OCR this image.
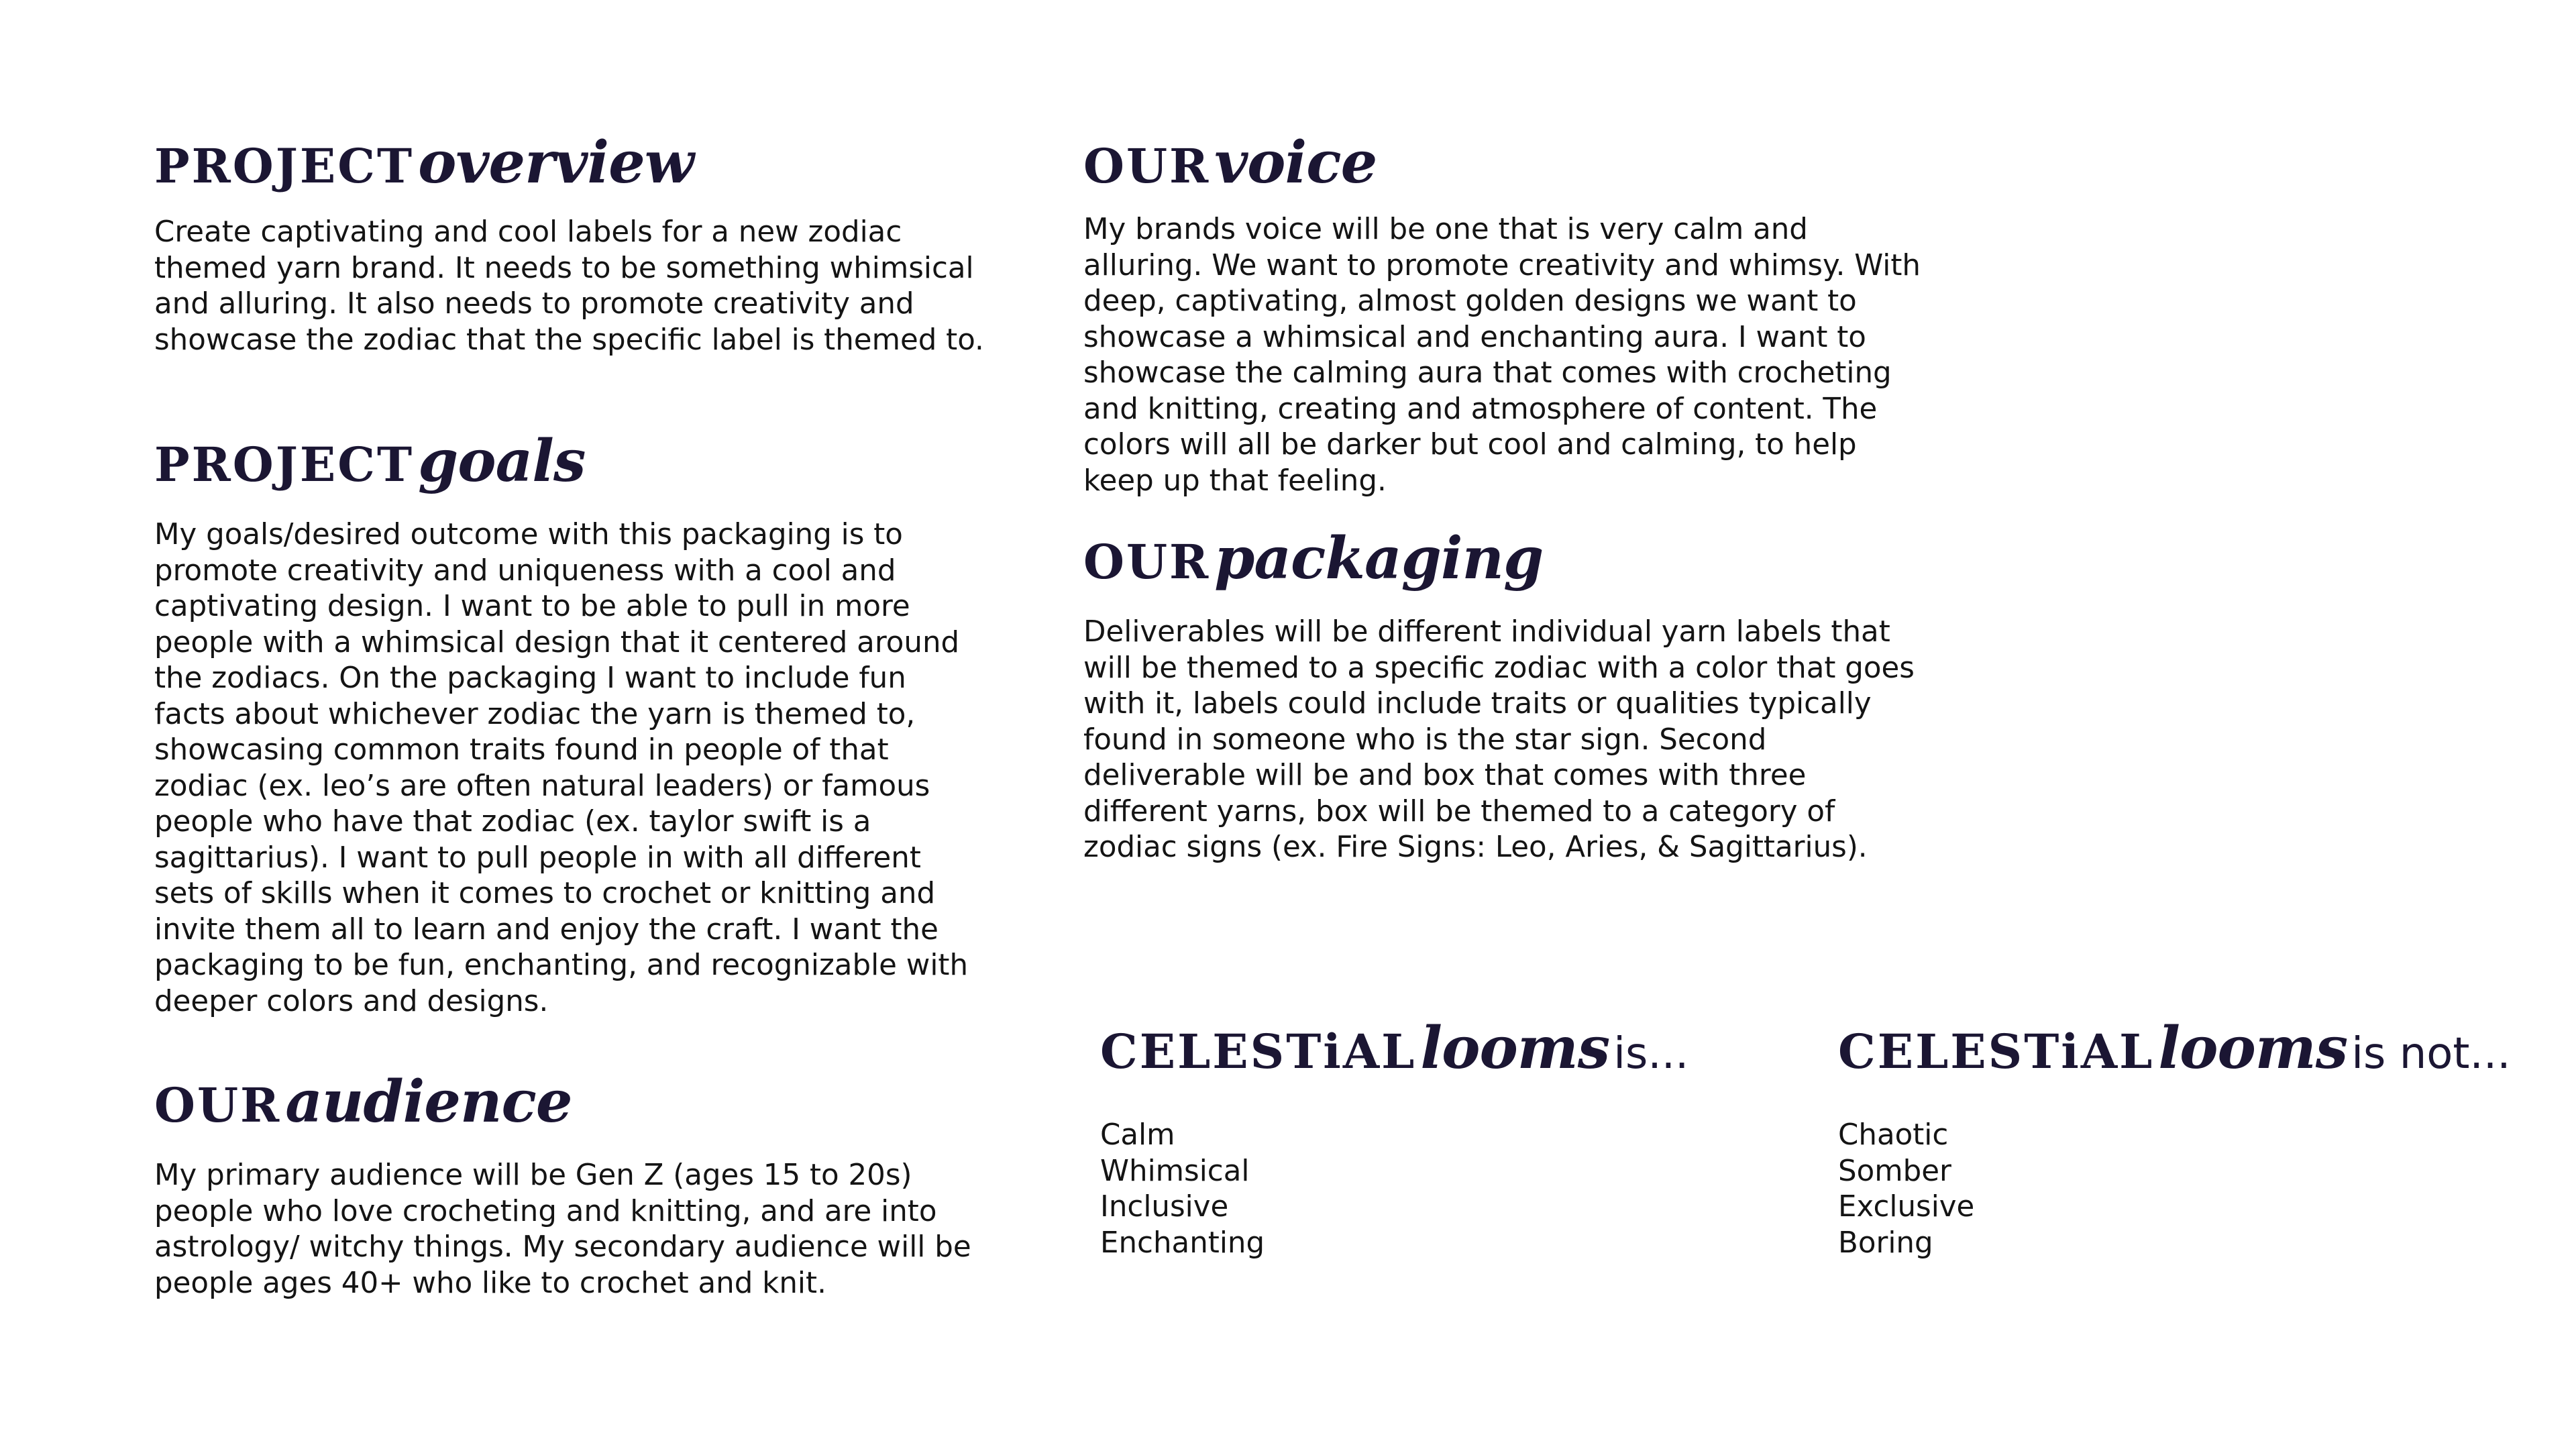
PROJECT overview

Create captivating and cool labels for a new zodiac themed yarn brand. It needs to be something whimsical and alluring. It also needs to promote creativity and showcase the zodiac that the specific label is themed to.

PROJECT goals

My goals/desired outcome with this packaging is to promote creativity and uniqueness with a cool and captivating design. I want to be able to pull in more people with a whimsical design that it centered around the zodiacs. On the packaging I want to include fun facts about whichever zodiac the yarn is themed to, showcasing common traits found in people of that zodiac (ex. leo’s are often natural leaders) or famous people who have that zodiac (ex. taylor swift is a sagittarius). I want to pull people in with all different sets of skills when it comes to crochet or knitting and invite them all to learn and enjoy the craft. I want the packaging to be fun, enchanting, and recognizable with deeper colors and designs.

OUR audience

My primary audience will be Gen Z (ages 15 to 20s) people who love crocheting and knitting, and are into astrology/ witchy things. My secondary audience will be people ages 40+ who like to crochet and knit.

OUR voice

My brands voice will be one that is very calm and alluring. We want to promote creativity and whimsy. With deep, captivating, almost golden designs we want to showcase a whimsical and enchanting aura. I want to showcase the calming aura that comes with crocheting and knitting, creating and atmosphere of content. The colors will all be darker but cool and calming, to help keep up that feeling.

OUR packaging

Deliverables will be different individual yarn labels that will be themed to a specific zodiac with a color that goes with it, labels could include traits or qualities typically found in someone who is the star sign. Second deliverable will be and box that comes with three different yarns, box will be themed to a category of zodiac signs (ex. Fire Signs: Leo, Aries, & Sagittarius).

CELESTiAL looms is...
Calm
Whimsical
Inclusive
Enchanting
CELESTiAL looms is not...
Chaotic
Somber
Exclusive
Boring
